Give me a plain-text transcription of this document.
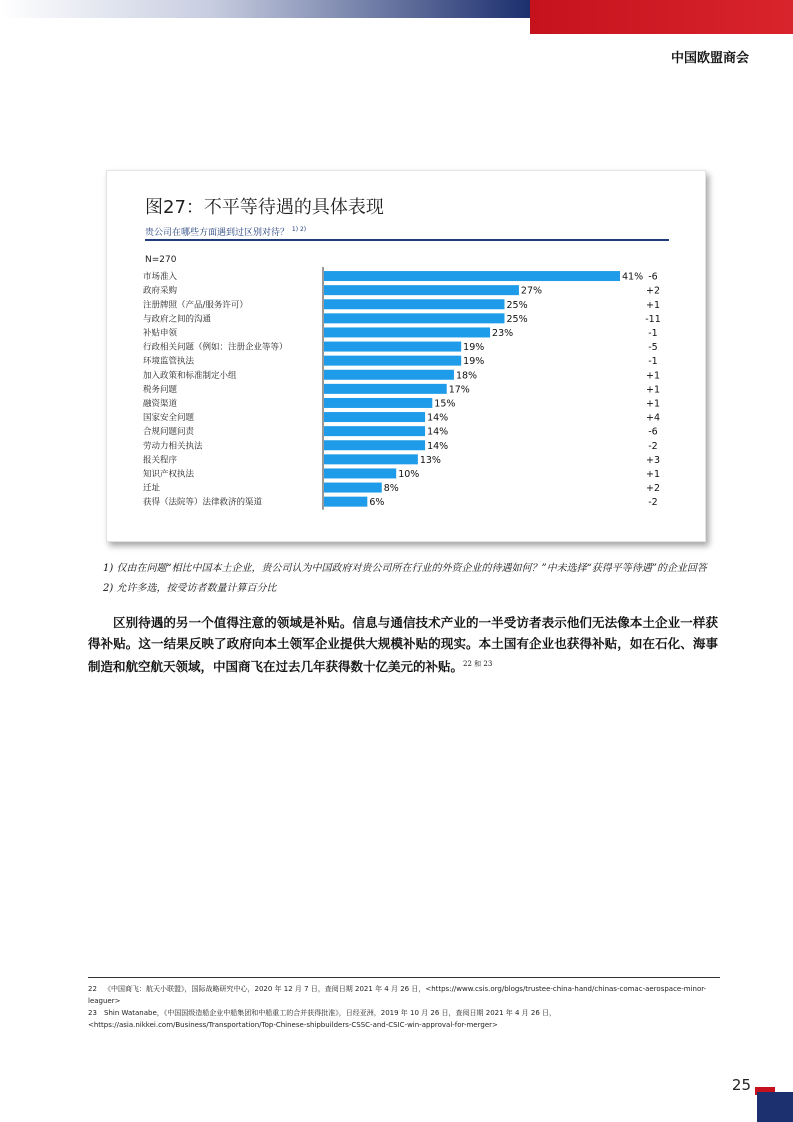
中国欧盟商会
图27：不平等待遇的具体表现
贵公司在哪些方面遇到过区别对待？ $^{1) 2)}$
N=270
市场准入	41% -6
政府采购	27%	+2
注册牌照（产品/服务许可）	25%	+1
与政府之间的沟通	25%	-11
补贴申领	23%	-1
行政相关问题（例如：注册企业等等）	19%	-5
环境监管执法	19%	-1
加入政策和标准制定小组	18%	+1
税务问题	17%	+1
融资渠道	15%	+1
国家安全问题	14%	+4
合规问题问责	14%	-6
劳动力相关执法	14%	-2
报关程序	13%	+3
知识产权执法	10%	+1
迁址	8%	+2
获得（法院等）法律救济的渠道	6%	-2
1) 仅由在问题“相比中国本土企业，贵公司认为中国政府对贵公司所在行业的外资企业的待遇如何？”中未选择“获得平等待遇”的企业回答
2) 允许多选，按受访者数量计算百分比

区别待遇的另一个值得注意的领域是补贴。信息与通信技术产业的一半受访者表示他们无法像本土企业一样获得补贴。这一结果反映了政府向本土领军企业提供大规模补贴的现实。本土国有企业也获得补贴，如在石化、海事制造和航空航天领域，中国商飞在过去几年获得数十亿美元的补贴。$^{22 和 23}$

22 《中国商飞：航天小联盟》，国际战略研究中心，2020 年 12 月 7 日，查阅日期 2021 年 4 月 26 日，<https://www.csis.org/blogs/trustee-china-hand/chinas-comac-aerospace-minor-leaguer>
23 Shin Watanabe，《中国国级造船企业中船集团和中船重工的合并获得批准》，日经亚洲，2019 年 10 月 26 日，查阅日期 2021 年 4 月 26 日，<https://asia.nikkei.com/Business/Transportation/Top-Chinese-shipbuilders-CSSC-and-CSIC-win-approval-for-merger>
25
